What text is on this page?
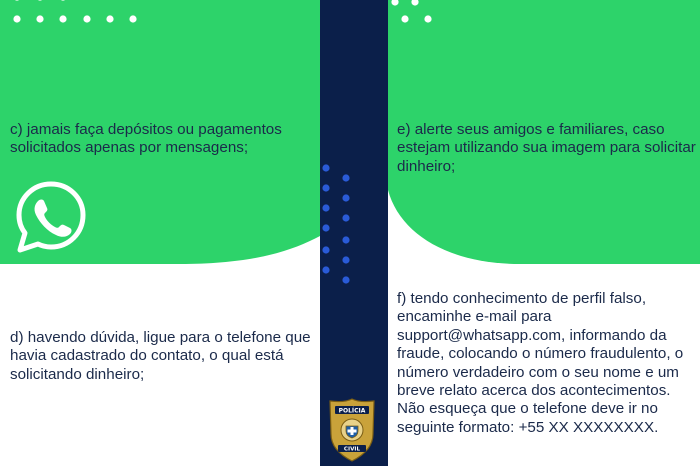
POLÍCIA
CIVIL

c) jamais faça depósitos ou pagamentos solicitados apenas por mensagens;

d) havendo dúvida, ligue para o telefone que havia cadastrado do contato, o qual está solicitando dinheiro;

e) alerte seus amigos e familiares, caso estejam utilizando sua imagem para solicitar dinheiro;

f) tendo conhecimento de perfil falso, encaminhe e-mail para support@whatsapp.com, informando da fraude, colocando o número fraudulento, o número verdadeiro com o seu nome e um breve relato acerca dos acontecimentos. Não esqueça que o telefone deve ir no seguinte formato: +55 XX XXXXXXXX.
